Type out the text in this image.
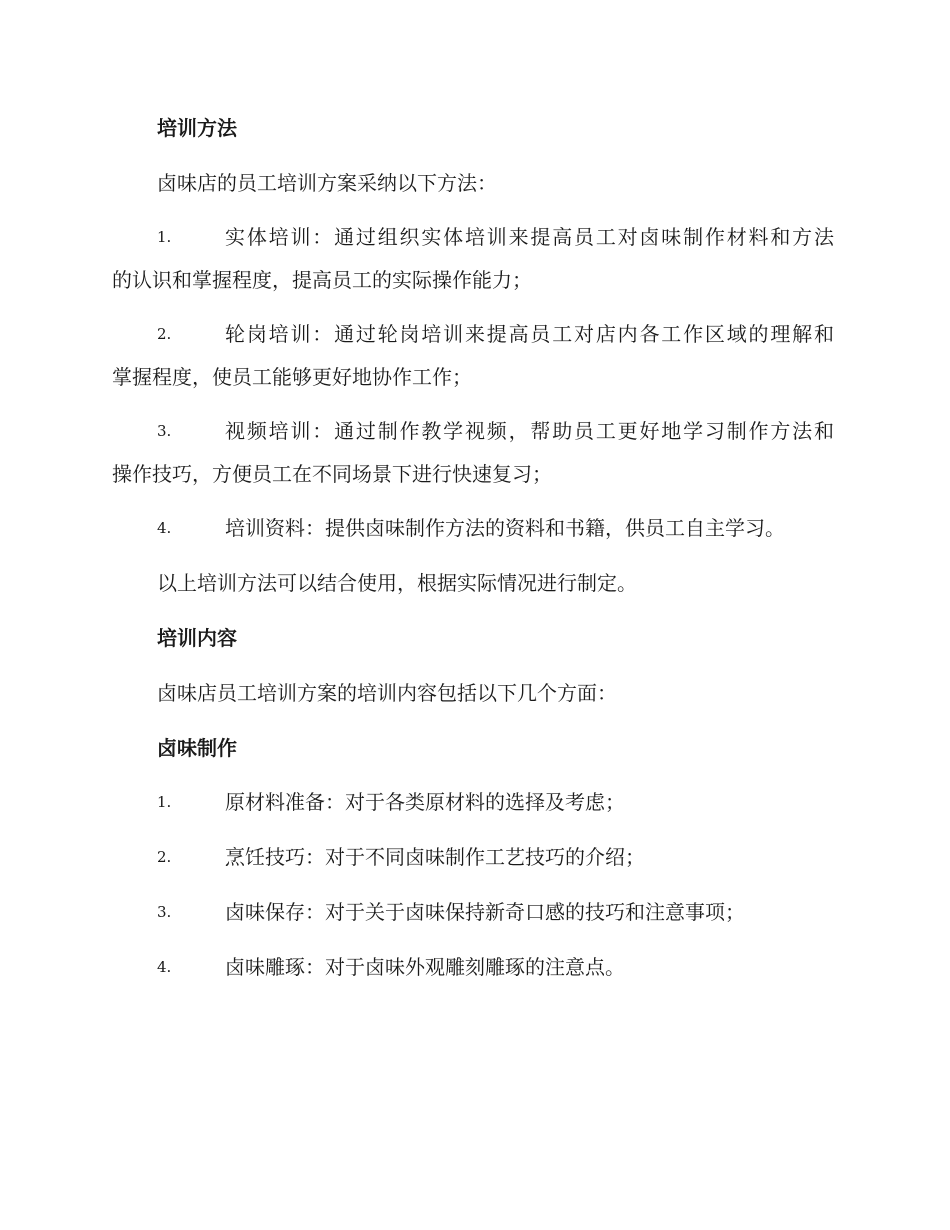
培训方法
卤味店的员工培训方案采纳以下方法：
1.	实体培训：通过组织实体培训来提高员工对卤味制作材料和方法
的认识和掌握程度，提高员工的实际操作能力；
2.	轮岗培训：通过轮岗培训来提高员工对店内各工作区域的理解和
掌握程度，使员工能够更好地协作工作；
3.	视频培训：通过制作教学视频，帮助员工更好地学习制作方法和
操作技巧，方便员工在不同场景下进行快速复习；
4.	培训资料：提供卤味制作方法的资料和书籍，供员工自主学习。
以上培训方法可以结合使用，根据实际情况进行制定。
培训内容
卤味店员工培训方案的培训内容包括以下几个方面：
卤味制作
1.	原材料准备：对于各类原材料的选择及考虑；
2.	烹饪技巧：对于不同卤味制作工艺技巧的介绍；
3.	卤味保存：对于关于卤味保持新奇口感的技巧和注意事项；
4.	卤味雕琢：对于卤味外观雕刻雕琢的注意点。
